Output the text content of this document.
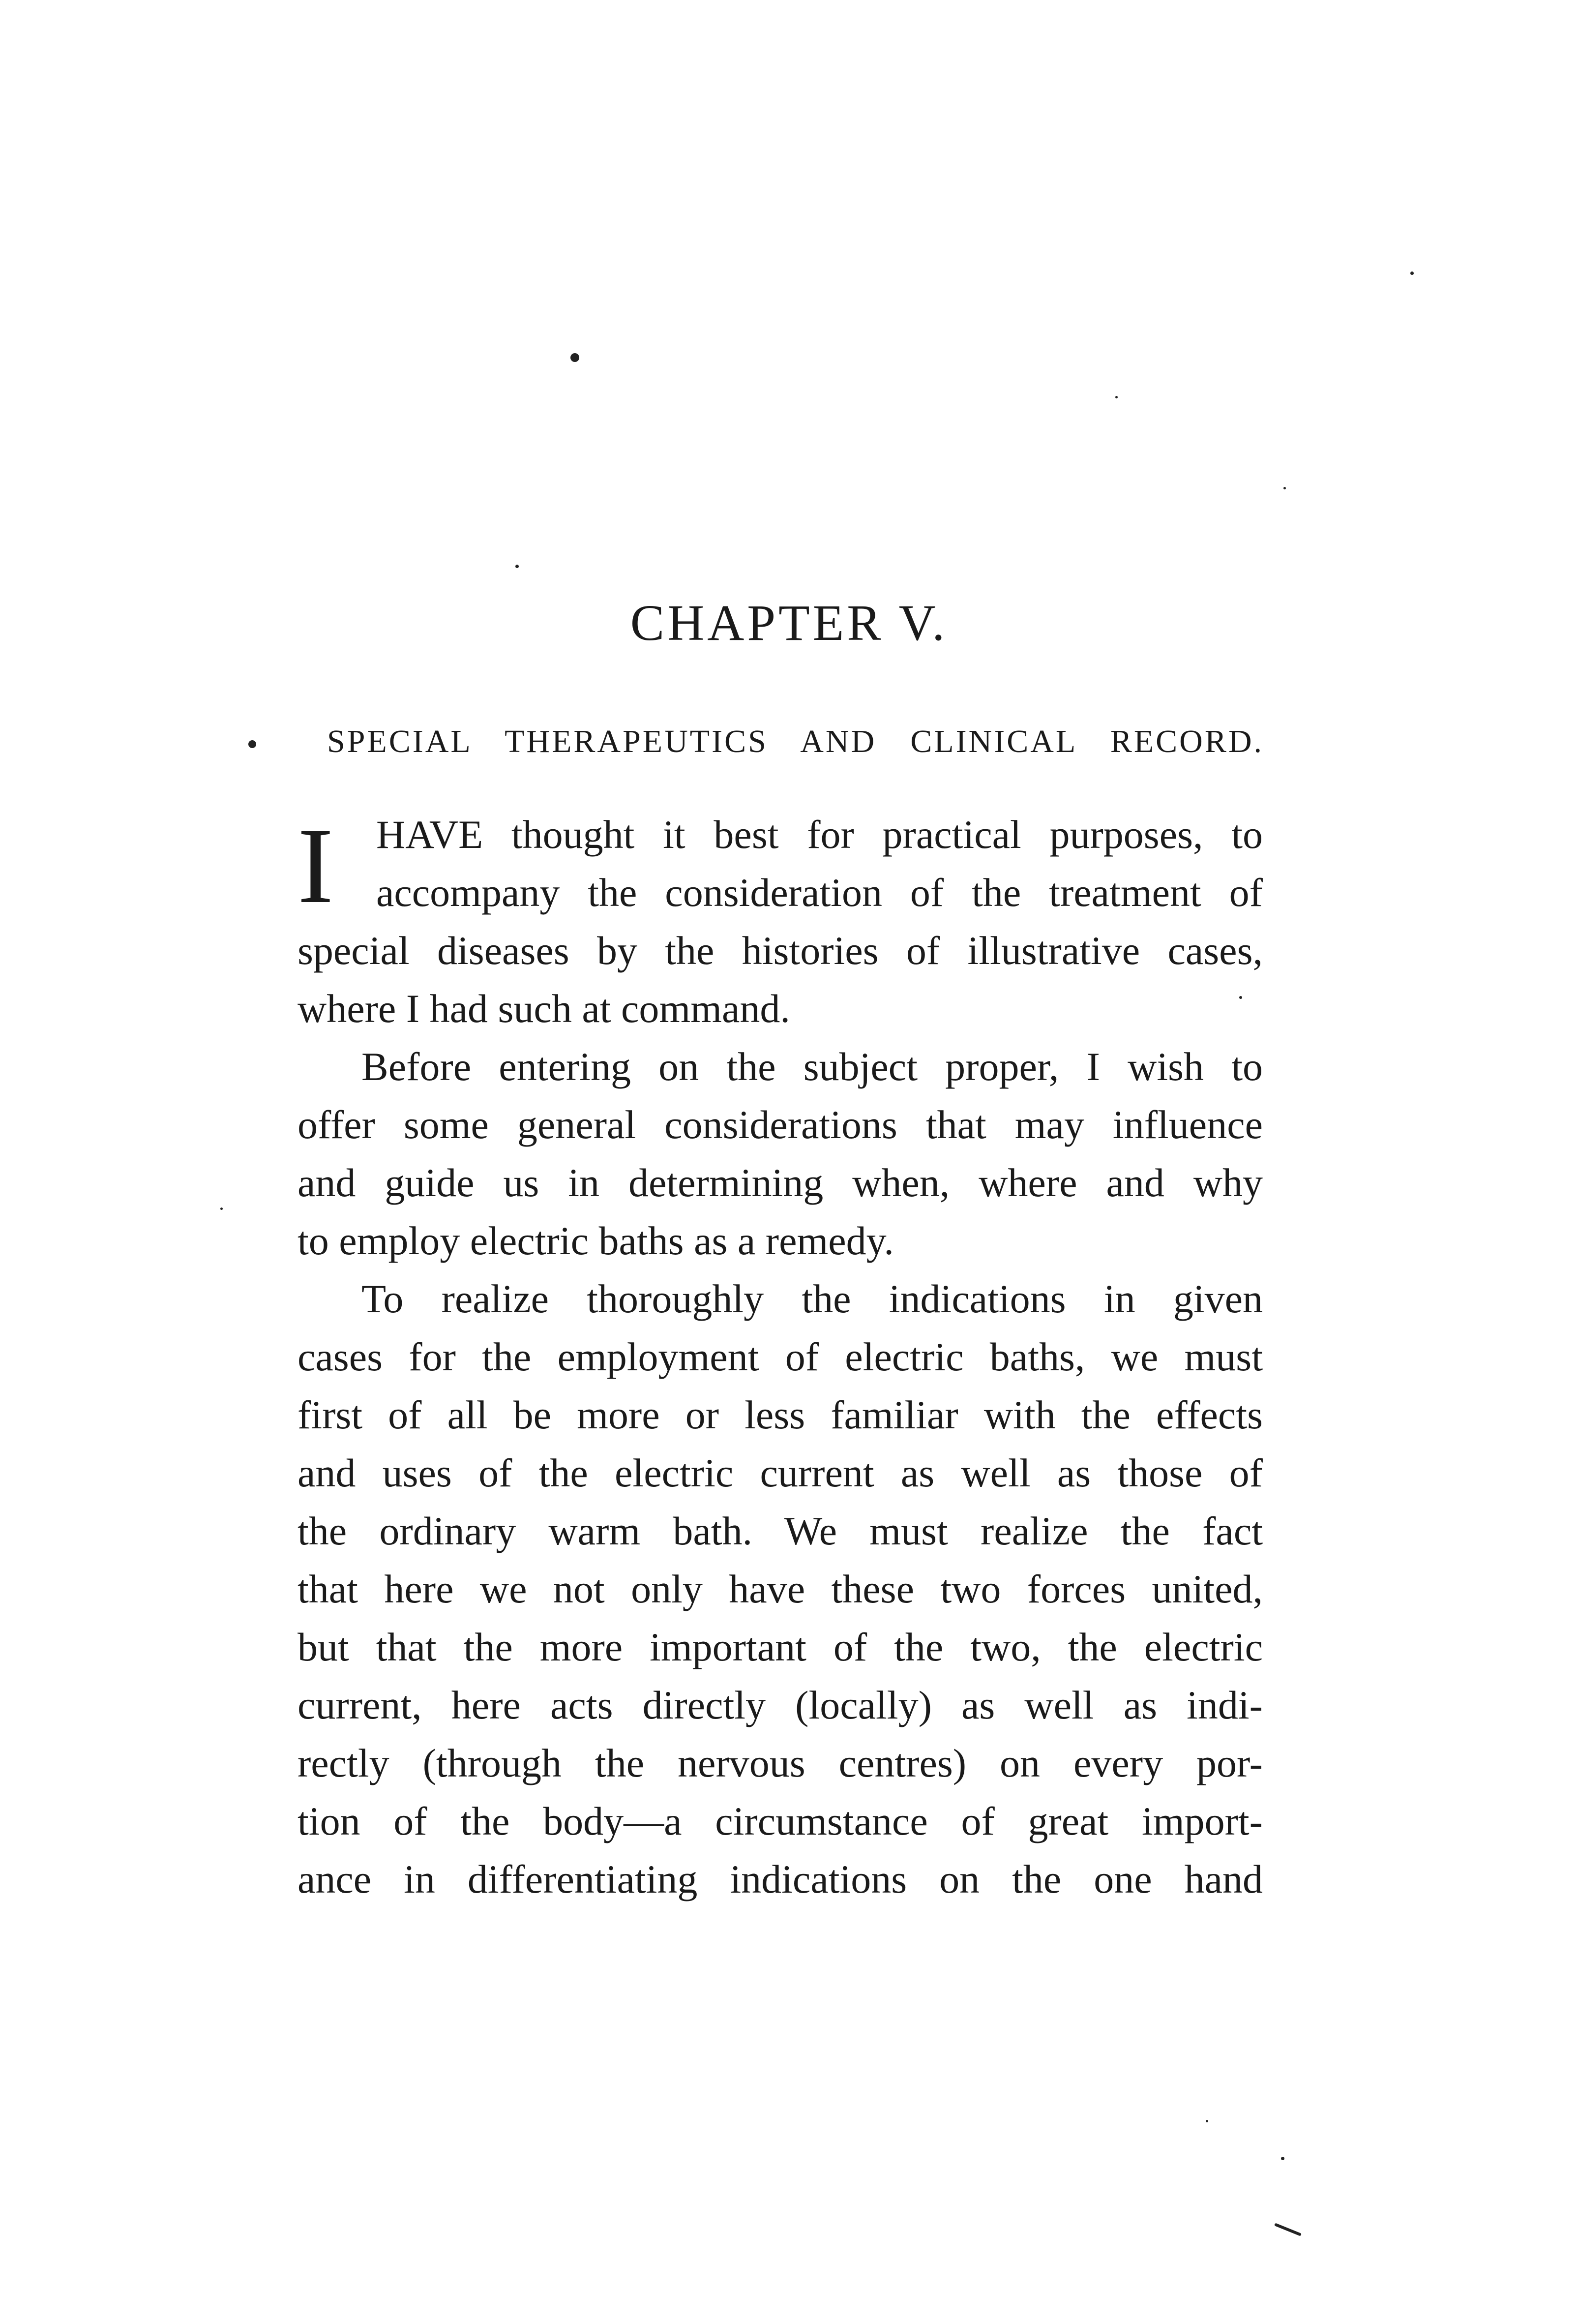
CHAPTER V.
SPECIAL THERAPEUTICS AND CLINICAL RECORD.
I	HAVE thought it best for practical purposes, to
accompany the consideration of the treatment of
special diseases by the histories of illustrative cases,
where I had such at command.
Before entering on the subject proper, I wish to
offer some general considerations that may influence
and guide us in determining when, where and why
to employ electric baths as a remedy.
To realize thoroughly the indications in given
cases for the employment of electric baths, we must
first of all be more or less familiar with the effects
and uses of the electric current as well as those of
the ordinary warm bath. We must realize the fact
that here we not only have these two forces united,
but that the more important of the two, the electric
current, here acts directly (locally) as well as indi-
rectly (through the nervous centres) on every por-
tion of the body—a circumstance of great import-
ance in differentiating indications on the one hand
